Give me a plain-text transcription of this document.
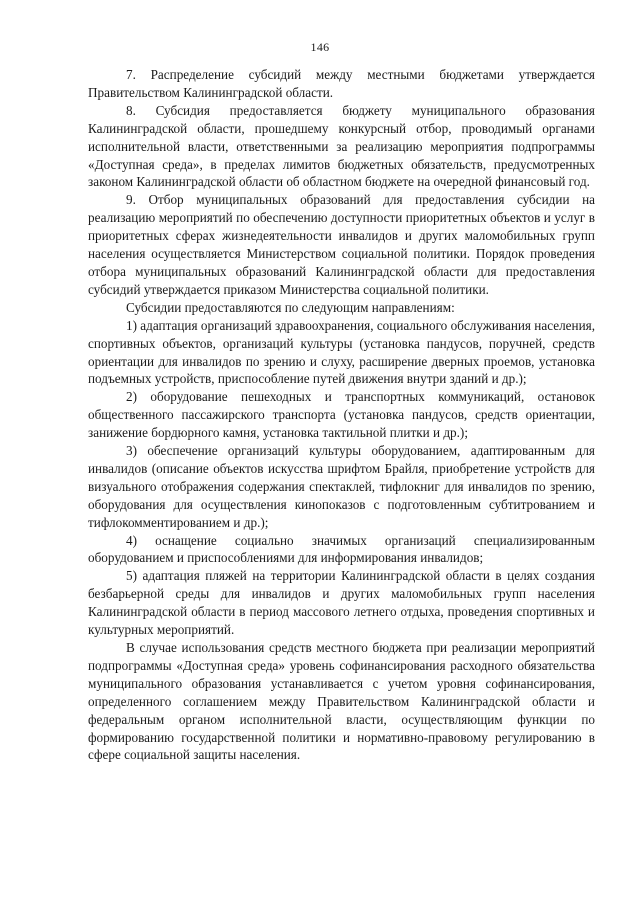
146

7. Распределение субсидий между местными бюджетами утверждается Правительством Калининградской области.

8. Субсидия предоставляется бюджету муниципального образования Калининградской области, прошедшему конкурсный отбор, проводимый органами исполнительной власти, ответственными за реализацию мероприятия подпрограммы «Доступная среда», в пределах лимитов бюджетных обязательств, предусмотренных законом Калининградской области об областном бюджете на очередной финансовый год.

9. Отбор муниципальных образований для предоставления субсидии на реализацию мероприятий по обеспечению доступности приоритетных объектов и услуг в приоритетных сферах жизнедеятельности инвалидов и других маломобильных групп населения осуществляется Министерством социальной политики. Порядок проведения отбора муниципальных образований Калининградской области для предоставления субсидий утверждается приказом Министерства социальной политики.

Субсидии предоставляются по следующим направлениям:

1) адаптация организаций здравоохранения, социального обслуживания населения, спортивных объектов, организаций культуры (установка пандусов, поручней, средств ориентации для инвалидов по зрению и слуху, расширение дверных проемов, установка подъемных устройств, приспособление путей движения внутри зданий и др.);

2) оборудование пешеходных и транспортных коммуникаций, остановок общественного пассажирского транспорта (установка пандусов, средств ориентации, занижение бордюрного камня, установка тактильной плитки и др.);

3) обеспечение организаций культуры оборудованием, адаптированным для инвалидов (описание объектов искусства шрифтом Брайля, приобретение устройств для визуального отображения содержания спектаклей, тифлокниг для инвалидов по зрению, оборудования для осуществления кинопоказов с подготовленным субтитрованием и тифлокомментированием и др.);

4) оснащение социально значимых организаций специализированным оборудованием и приспособлениями для информирования инвалидов;

5) адаптация пляжей на территории Калининградской области в целях создания безбарьерной среды для инвалидов и других маломобильных групп населения Калининградской области в период массового летнего отдыха, проведения спортивных и культурных мероприятий.

В случае использования средств местного бюджета при реализации мероприятий подпрограммы «Доступная среда» уровень софинансирования расходного обязательства муниципального образования устанавливается с учетом уровня софинансирования, определенного соглашением между Правительством Калининградской области и федеральным органом исполнительной власти, осуществляющим функции по формированию государственной политики и нормативно-правовому регулированию в сфере социальной защиты населения.
